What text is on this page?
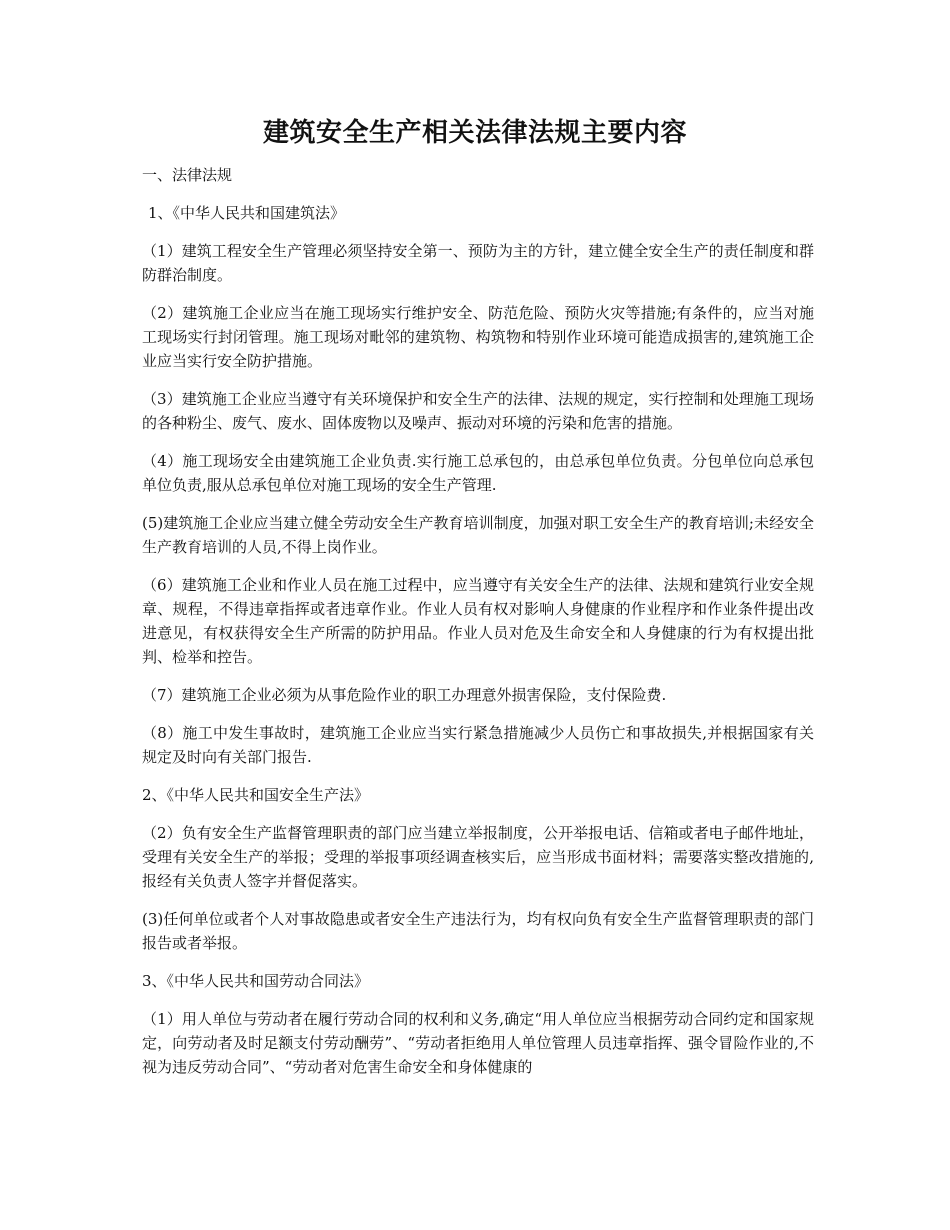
建筑安全生产相关法律法规主要内容

一、法律法规

1、《中华人民共和国建筑法》

（1）建筑工程安全生产管理必须坚持安全第一、预防为主的方针，建立健全安全生产的责任制度和群防群治制度。

（2）建筑施工企业应当在施工现场实行维护安全、防范危险、预防火灾等措施;有条件的，应当对施工现场实行封闭管理。施工现场对毗邻的建筑物、构筑物和特别作业环境可能造成损害的,建筑施工企业应当实行安全防护措施。

（3）建筑施工企业应当遵守有关环境保护和安全生产的法律、法规的规定，实行控制和处理施工现场的各种粉尘、废气、废水、固体废物以及噪声、振动对环境的污染和危害的措施。

（4）施工现场安全由建筑施工企业负责.实行施工总承包的，由总承包单位负责。分包单位向总承包单位负责,服从总承包单位对施工现场的安全生产管理.

(5)建筑施工企业应当建立健全劳动安全生产教育培训制度，加强对职工安全生产的教育培训;未经安全生产教育培训的人员,不得上岗作业。

（6）建筑施工企业和作业人员在施工过程中，应当遵守有关安全生产的法律、法规和建筑行业安全规章、规程，不得违章指挥或者违章作业。作业人员有权对影响人身健康的作业程序和作业条件提出改进意见，有权获得安全生产所需的防护用品。作业人员对危及生命安全和人身健康的行为有权提出批判、检举和控告。

（7）建筑施工企业必须为从事危险作业的职工办理意外损害保险，支付保险费.

（8）施工中发生事故时，建筑施工企业应当实行紧急措施减少人员伤亡和事故损失,并根据国家有关规定及时向有关部门报告.

2、《中华人民共和国安全生产法》

（2）负有安全生产监督管理职责的部门应当建立举报制度，公开举报电话、信箱或者电子邮件地址，受理有关安全生产的举报；受理的举报事项经调查核实后，应当形成书面材料；需要落实整改措施的,报经有关负责人签字并督促落实。

(3)任何单位或者个人对事故隐患或者安全生产违法行为，均有权向负有安全生产监督管理职责的部门报告或者举报。

3、《中华人民共和国劳动合同法》

（1）用人单位与劳动者在履行劳动合同的权利和义务,确定“用人单位应当根据劳动合同约定和国家规定，向劳动者及时足额支付劳动酬劳”、“劳动者拒绝用人单位管理人员违章指挥、强令冒险作业的,不视为违反劳动合同”、“劳动者对危害生命安全和身体健康的
